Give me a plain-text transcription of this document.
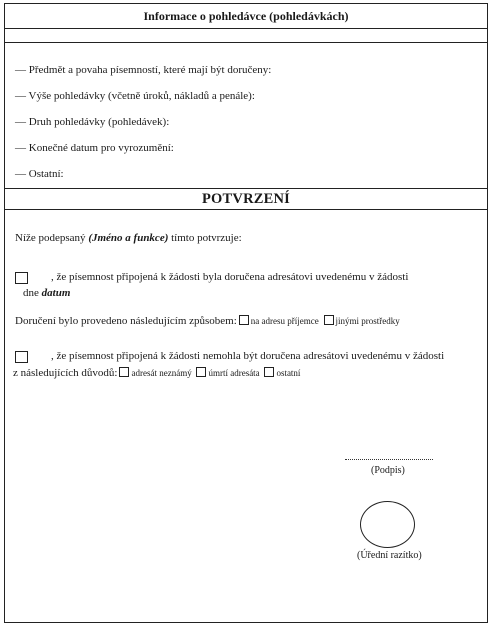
Informace o pohledávce (pohledávkách)
— Předmět a povaha písemností, které mají být doručeny:
— Výše pohledávky (včetně úroků, nákladů a penále):
— Druh pohledávky (pohledávek):
— Konečné datum pro vyrozumění:
— Ostatní:
POTVRZENÍ
Níže podepsaný (Jméno a funkce) tímto potvrzuje:
, že písemnost připojená k žádosti byla doručena adresátovi uvedenému v žádosti
dne datum
Doručení bylo provedeno následujícím způsobem: na adresu příjemce jinými prostředky
, že písemnost připojená k žádosti nemohla být doručena adresátovi uvedenému v žádosti
z následujících důvodů: adresát neznámý úmrtí adresáta ostatní
(Podpis)
(Úřední razítko)
